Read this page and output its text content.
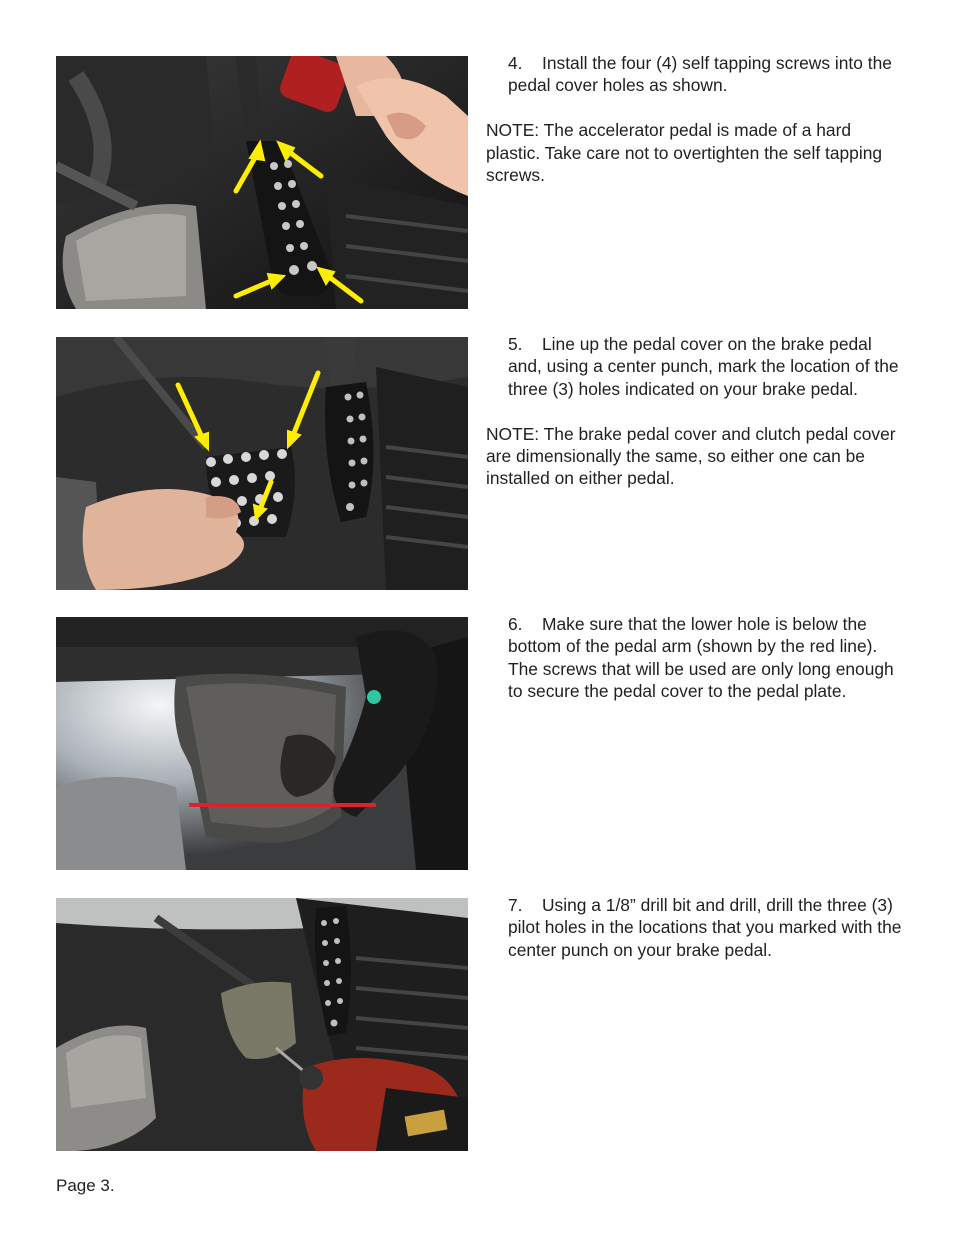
4. Install the four (4) self tapping screws into the pedal cover holes as shown.

NOTE: The accelerator pedal is made of a hard plastic. Take care not to overtighten the self tapping screws.

5. Line up the pedal cover on the brake pedal and, using a center punch, mark the location of the three (3) holes indicated on your brake pedal.

NOTE: The brake pedal cover and clutch pedal cover are dimensionally the same, so either one can be installed on either pedal.

6. Make sure that the lower hole is below the bottom of the pedal arm (shown by the red line). The screws that will be used are only long enough to secure the pedal cover to the pedal plate.

7. Using a 1/8” drill bit and drill, drill the three (3) pilot holes in the locations that you marked with the center punch on your brake pedal.

Page 3.
